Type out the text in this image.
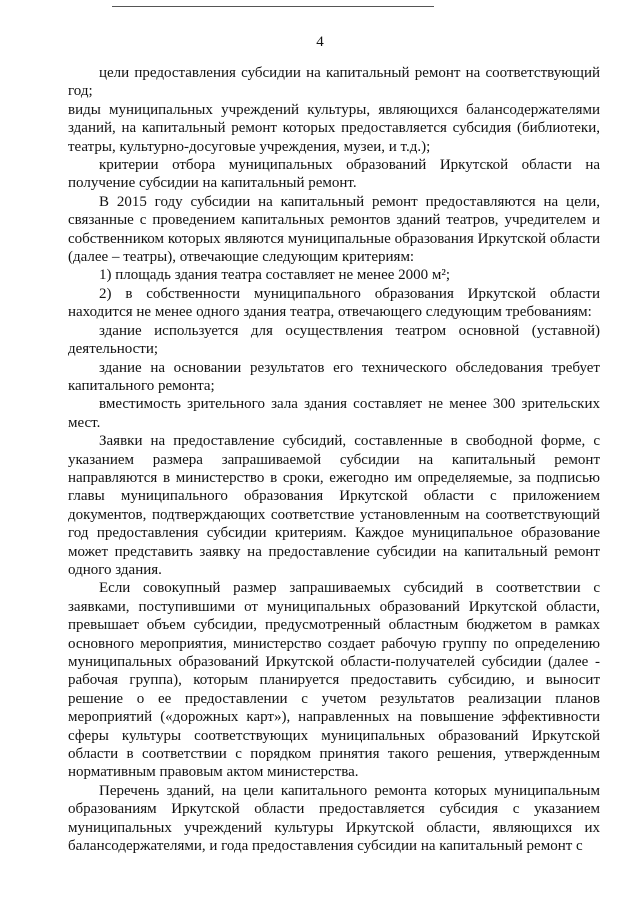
4

цели предоставления субсидии на капитальный ремонт на соответствующий год;

виды муниципальных учреждений культуры, являющихся балансодержателями зданий, на капитальный ремонт которых предоставляется субсидия (библиотеки, театры, культурно-досуговые учреждения, музеи, и т.д.);

критерии отбора муниципальных образований Иркутской области на получение субсидии на капитальный ремонт.

В 2015 году субсидии на капитальный ремонт предоставляются на цели, связанные с проведением капитальных ремонтов зданий театров, учредителем и собственником которых являются муниципальные образования Иркутской области (далее – театры), отвечающие следующим критериям:

1) площадь здания театра составляет не менее 2000 м²;

2) в собственности муниципального образования Иркутской области находится не менее одного здания театра, отвечающего следующим требованиям:

здание используется для осуществления театром основной (уставной) деятельности;

здание на основании результатов его технического обследования требует капитального ремонта;

вместимость зрительного зала здания составляет не менее 300 зрительских мест.

Заявки на предоставление субсидий, составленные в свободной форме, с указанием размера запрашиваемой субсидии на капитальный ремонт направляются в министерство в сроки, ежегодно им определяемые, за подписью главы муниципального образования Иркутской области с приложением документов, подтверждающих соответствие установленным на соответствующий год предоставления субсидии критериям. Каждое муниципальное образование может представить заявку на предоставление субсидии на капитальный ремонт одного здания.

Если совокупный размер запрашиваемых субсидий в соответствии с заявками, поступившими от муниципальных образований Иркутской области, превышает объем субсидии, предусмотренный областным бюджетом в рамках основного мероприятия, министерство создает рабочую группу по определению муниципальных образований Иркутской области-получателей субсидии (далее - рабочая группа), которым планируется предоставить субсидию, и выносит решение о ее предоставлении с учетом результатов реализации планов мероприятий («дорожных карт»), направленных на повышение эффективности сферы культуры соответствующих муниципальных образований Иркутской области в соответствии с порядком принятия такого решения, утвержденным нормативным правовым актом министерства.

Перечень зданий, на цели капитального ремонта которых муниципальным образованиям Иркутской области предоставляется субсидия с указанием муниципальных учреждений культуры Иркутской области, являющихся их балансодержателями, и года предоставления субсидии на капитальный ремонт с
